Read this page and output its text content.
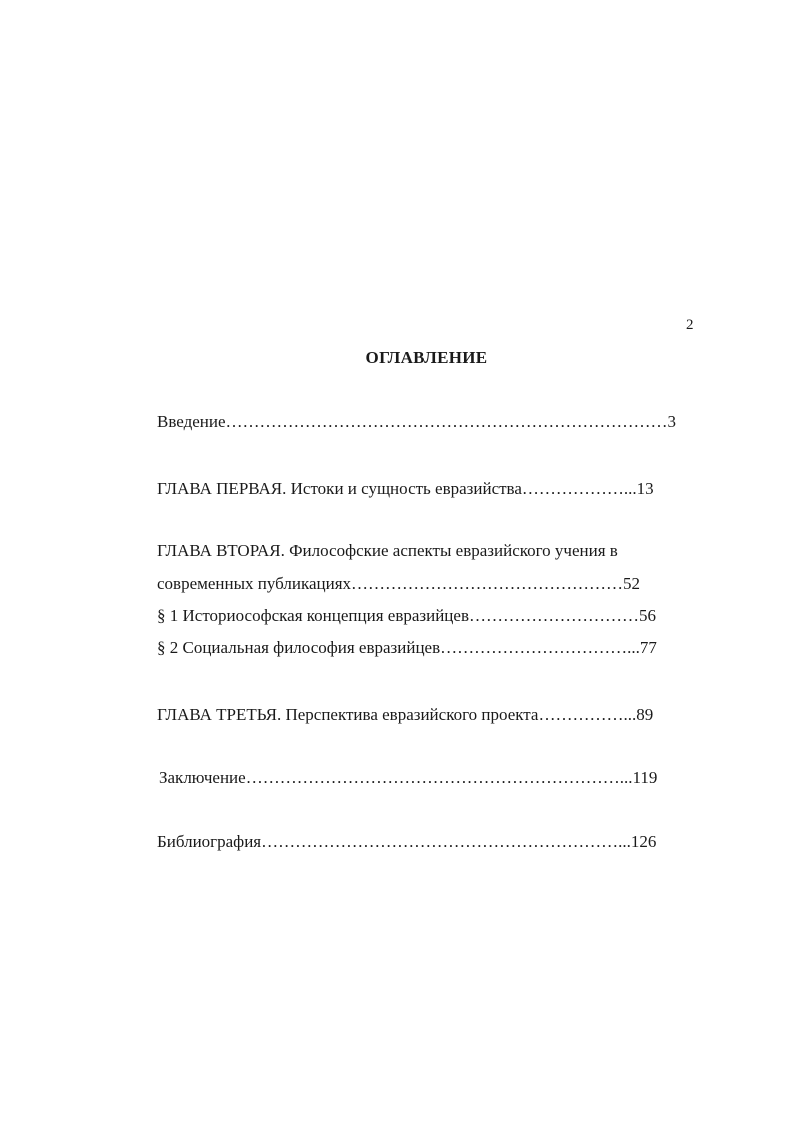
2
ОГЛАВЛЕНИЕ
Введение……………………………………………………………………3
ГЛАВА ПЕРВАЯ. Истоки и сущность евразийства………………...13
ГЛАВА ВТОРАЯ. Философские аспекты евразийского учения в
современных публикациях…………………………………………52
§ 1 Историософская концепция евразийцев…………………………56
§ 2 Социальная философия евразийцев……………………………...77
ГЛАВА ТРЕТЬЯ. Перспектива евразийского проекта……………...89
Заключение…………………………………………………………...119
Библиография………………………………………………………...126
